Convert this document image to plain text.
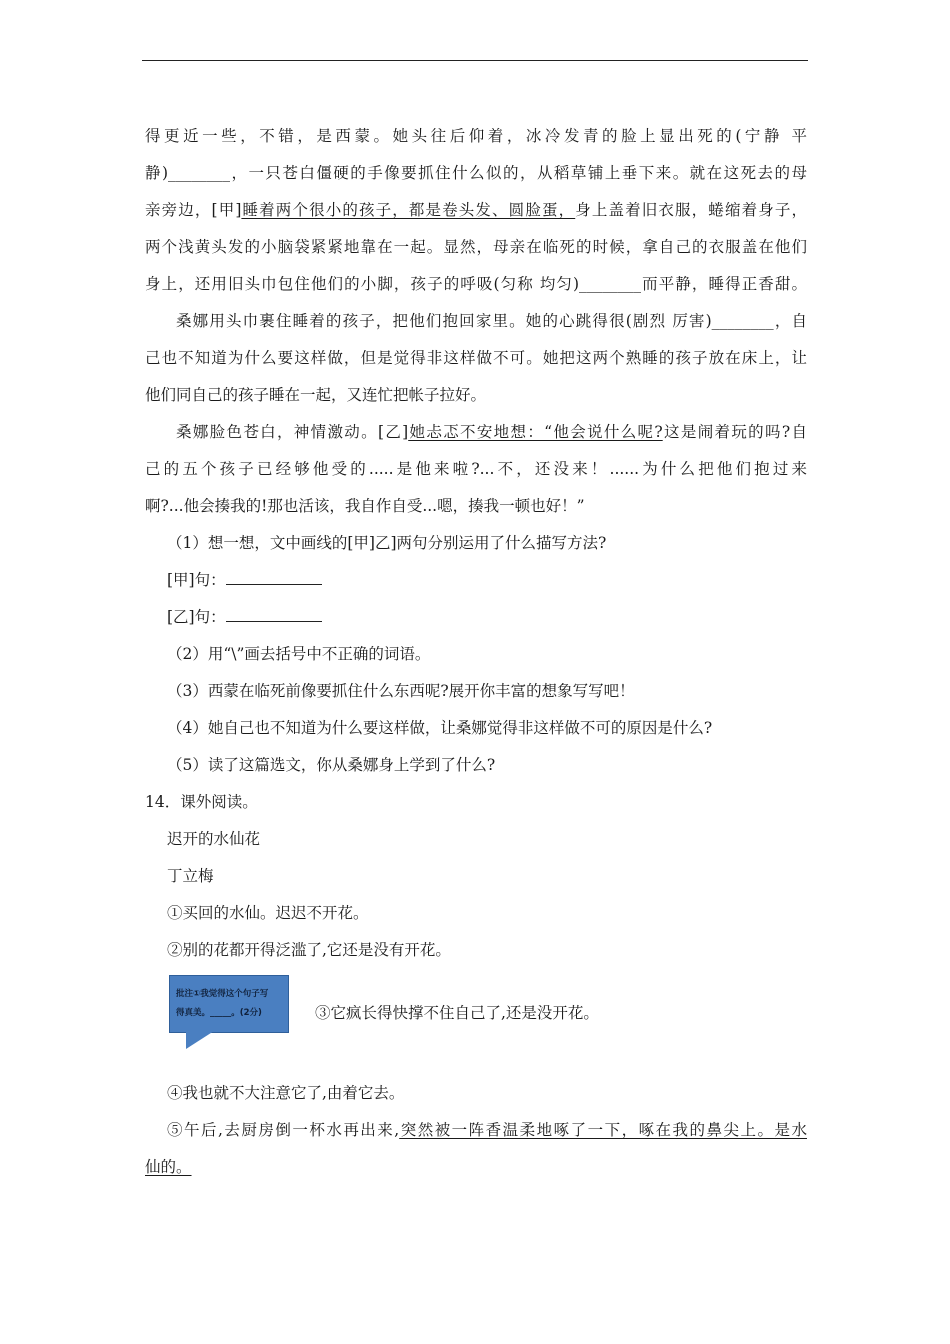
得更近一些，不错，是西蒙。她头往后仰着，冰冷发青的脸上显出死的(宁静 平
静)________，一只苍白僵硬的手像要抓住什么似的，从稻草铺上垂下来。就在这死去的母
亲旁边，[甲]睡着两个很小的孩子，都是卷头发、圆脸蛋，身上盖着旧衣服，蜷缩着身子，
两个浅黄头发的小脑袋紧紧地靠在一起。显然，母亲在临死的时候，拿自己的衣服盖在他们
身上，还用旧头巾包住他们的小脚，孩子的呼吸(匀称 均匀)________而平静，睡得正香甜。
桑娜用头巾裹住睡着的孩子，把他们抱回家里。她的心跳得很(剧烈 厉害)________，自
己也不知道为什么要这样做，但是觉得非这样做不可。她把这两个熟睡的孩子放在床上，让
他们同自己的孩子睡在一起，又连忙把帐子拉好。
桑娜脸色苍白，神情激动。[乙]她忐忑不安地想：“他会说什么呢?这是闹着玩的吗?自
己的五个孩子已经够他受的.....是他来啦?...不，还没来！......为什么把他们抱过来
啊?...他会揍我的!那也活该，我自作自受...嗯，揍我一顿也好！”
（1）想一想，文中画线的[甲]乙]两句分别运用了什么描写方法?
[甲]句：
[乙]句：
（2）用“\”画去括号中不正确的词语。
（3）西蒙在临死前像要抓住什么东西呢?展开你丰富的想象写写吧！
（4）她自己也不知道为什么要这样做，让桑娜觉得非这样做不可的原因是什么?
（5）读了这篇选文，你从桑娜身上学到了什么?
14．课外阅读。
迟开的水仙花
丁立梅
①买回的水仙。迟迟不开花。
②别的花都开得泛滥了,它还是没有开花。
批注①我觉得这个句子写
得真美。_____。(2分)	③它疯长得快撑不住自己了,还是没开花。
④我也就不大注意它了,由着它去。
⑤午后,去厨房倒一杯水再出来,突然被一阵香温柔地啄了一下，啄在我的鼻尖上。是水
仙的。
